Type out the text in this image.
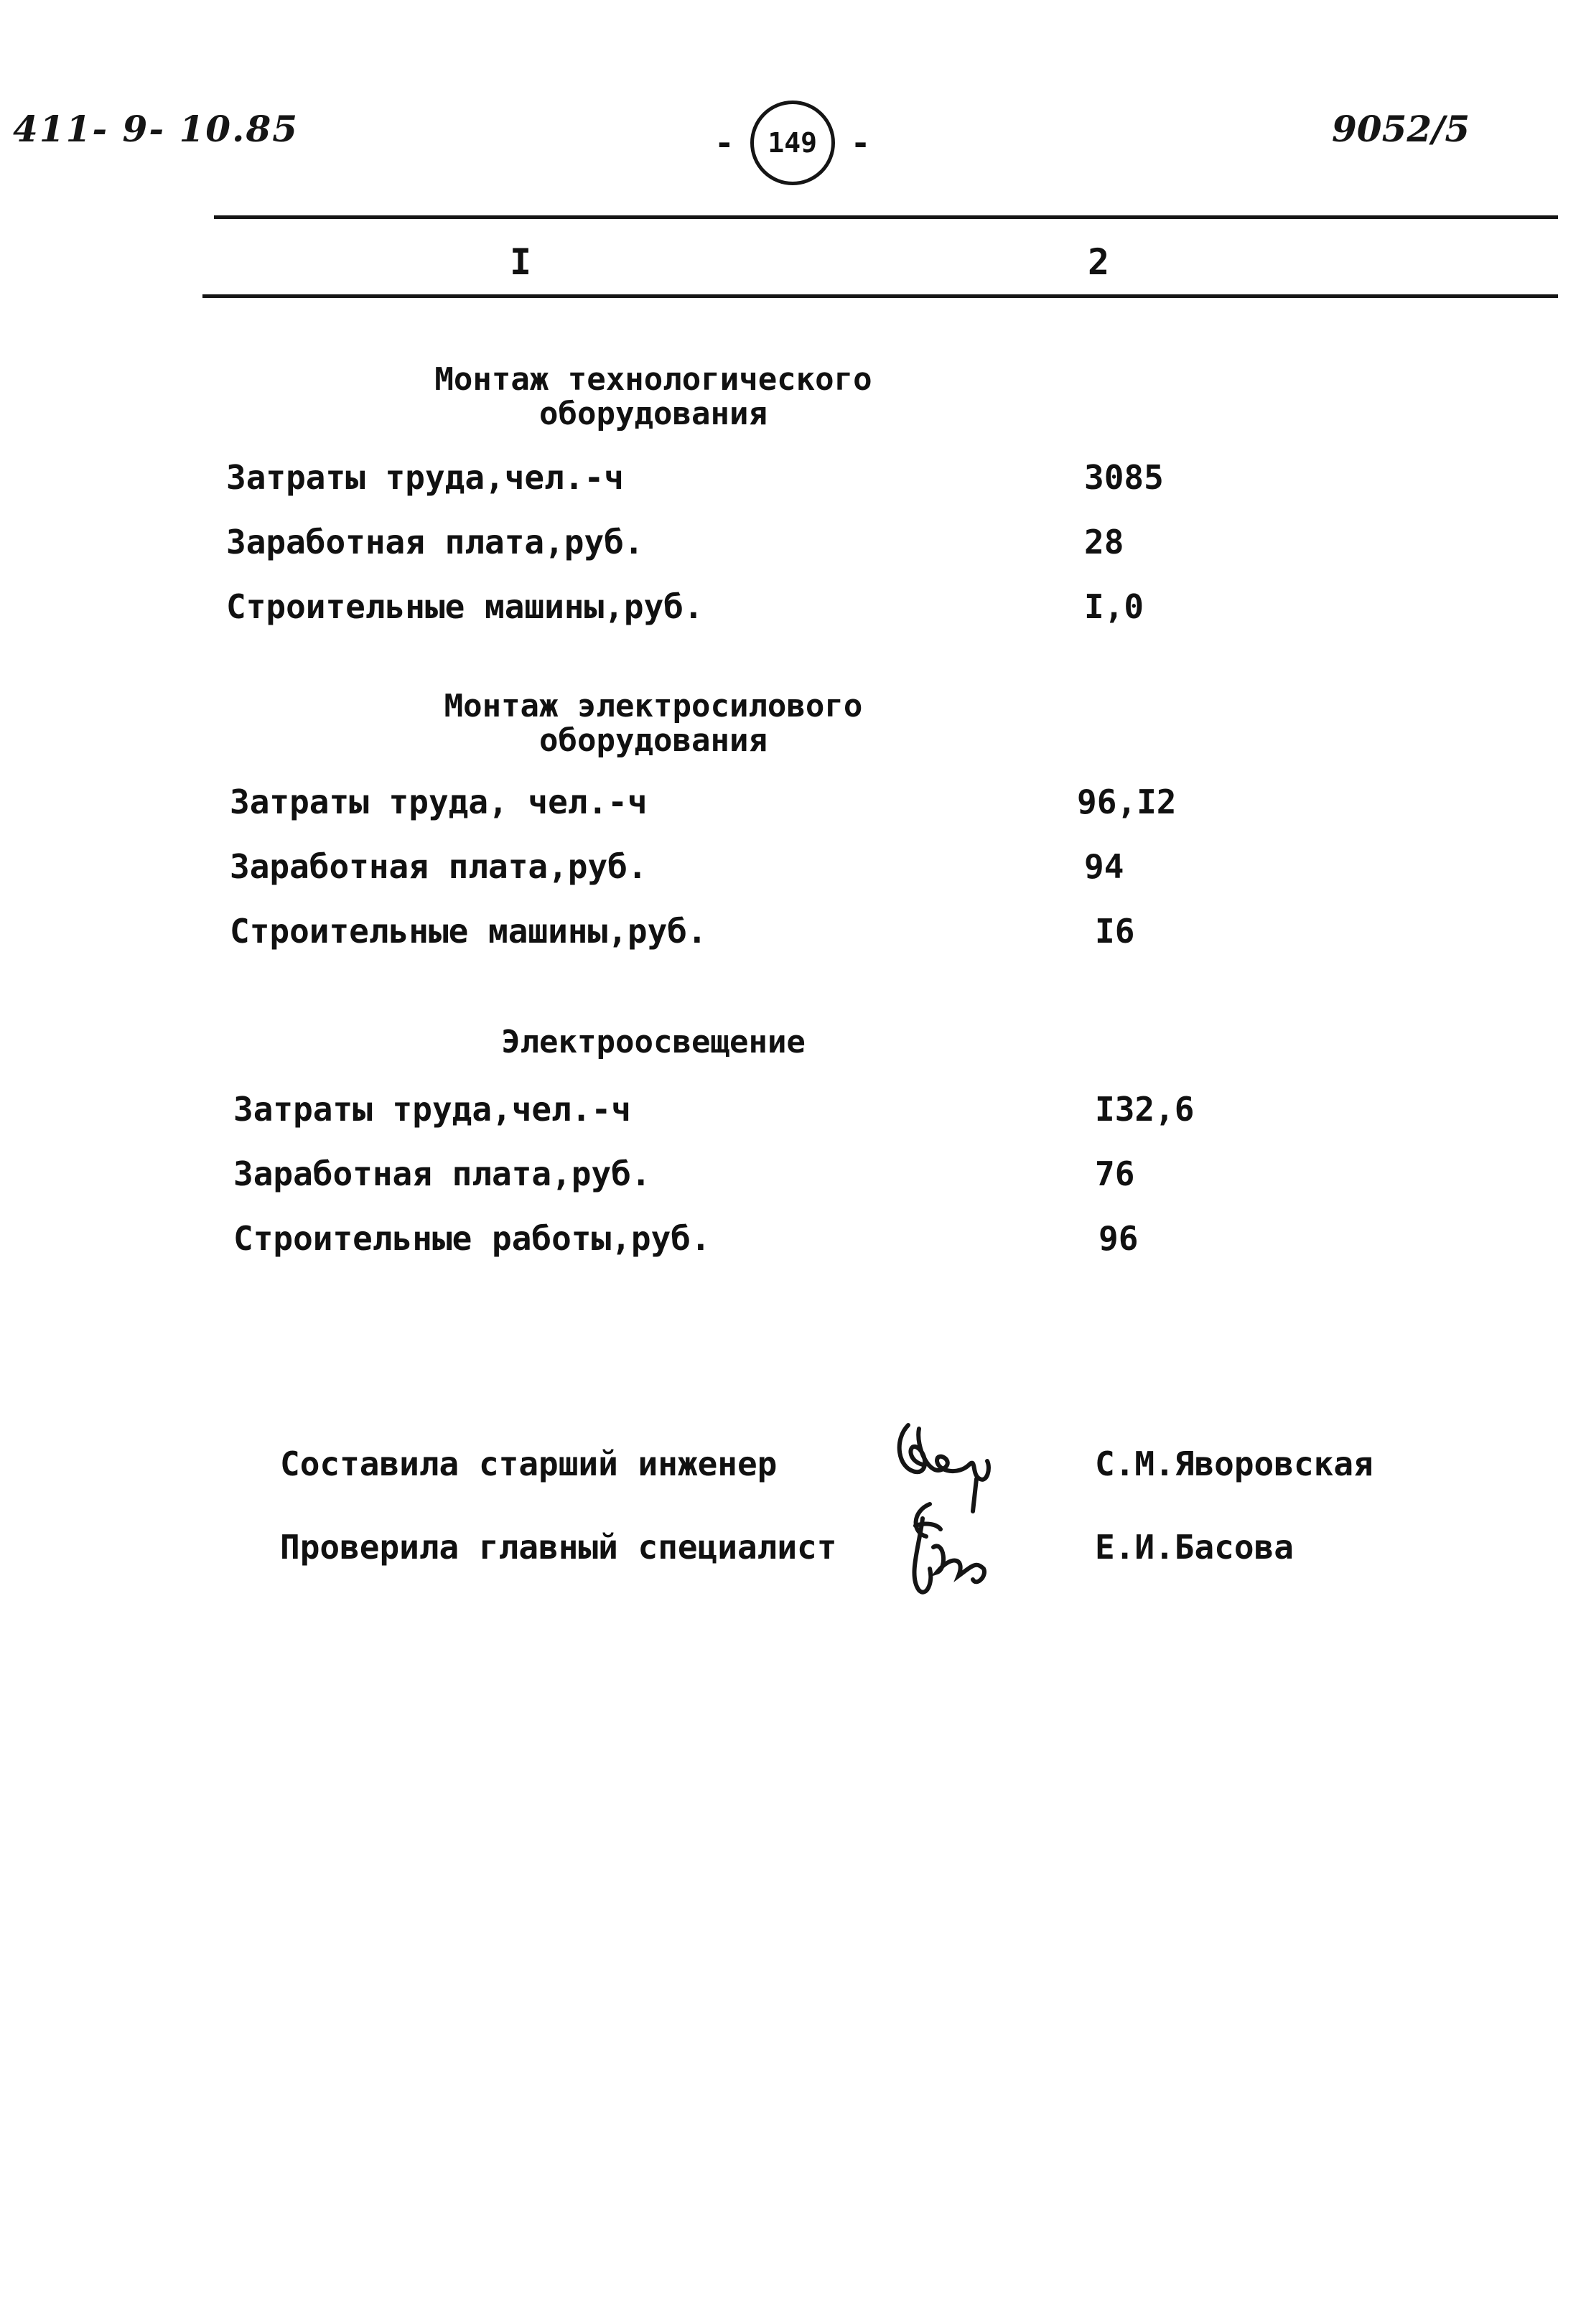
411- 9- 10.85	- 149 -	9052/5
I	2
Монтаж технологического
оборудования
Затраты труда,чел.-ч	3085
Заработная плата,руб.	28
Строительные машины,руб.	I,0
Монтаж электросилового
оборудования
Затраты труда, чел.-ч	96,I2
Заработная плата,руб.	94
Строительные машины,руб.	I6
Электроосвещение
Затраты труда,чел.-ч	I32,6
Заработная плата,руб.	76
Строительные работы,руб.	96
Составила старший инженер	С.М.Яворовская
Проверила главный специалист	Е.И.Басова
